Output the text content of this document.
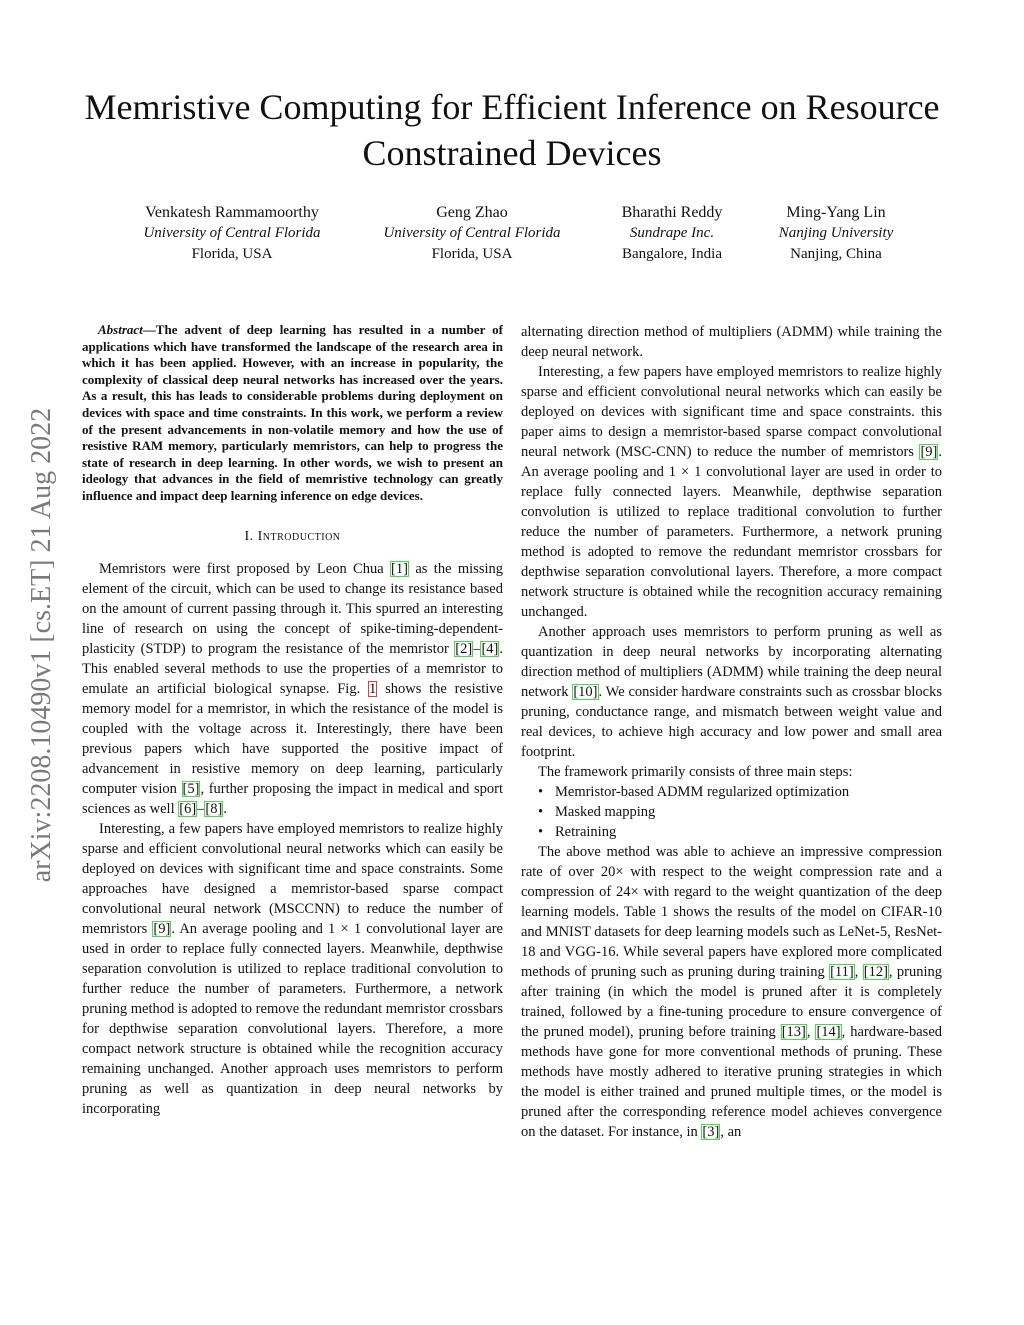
Memristive Computing for Efficient Inference on Resource Constrained Devices
Venkatesh Rammamoorthy
University of Central Florida
Florida, USA
Geng Zhao
University of Central Florida
Florida, USA
Bharathi Reddy
Sundrape Inc.
Bangalore, India
Ming-Yang Lin
Nanjing University
Nanjing, China
arXiv:2208.10490v1 [cs.ET] 21 Aug 2022

Abstract—The advent of deep learning has resulted in a number of applications which have transformed the landscape of the research area in which it has been applied. However, with an increase in popularity, the complexity of classical deep neural networks has increased over the years. As a result, this has leads to considerable problems during deployment on devices with space and time constraints. In this work, we perform a review of the present advancements in non-volatile memory and how the use of resistive RAM memory, particularly memristors, can help to progress the state of research in deep learning. In other words, we wish to present an ideology that advances in the field of memristive technology can greatly influence and impact deep learning inference on edge devices.

I. Introduction

Memristors were first proposed by Leon Chua [1] as the missing element of the circuit, which can be used to change its resistance based on the amount of current passing through it. This spurred an interesting line of research on using the concept of spike-timing-dependent-plasticity (STDP) to program the resistance of the memristor [2]–[4]. This enabled several methods to use the properties of a memristor to emulate an artificial biological synapse. Fig. 1 shows the resistive memory model for a memristor, in which the resistance of the model is coupled with the voltage across it. Interestingly, there have been previous papers which have supported the positive impact of advancement in resistive memory on deep learning, particularly computer vision [5], further proposing the impact in medical and sport sciences as well [6]–[8].

Interesting, a few papers have employed memristors to realize highly sparse and efficient convolutional neural networks which can easily be deployed on devices with significant time and space constraints. Some approaches have designed a memristor-based sparse compact convolutional neural network (MSCCNN) to reduce the number of memristors [9]. An average pooling and 1 × 1 convolutional layer are used in order to replace fully connected layers. Meanwhile, depthwise separation convolution is utilized to replace traditional convolution to further reduce the number of parameters. Furthermore, a network pruning method is adopted to remove the redundant memristor crossbars for depthwise separation convolutional layers. Therefore, a more compact network structure is obtained while the recognition accuracy remaining unchanged. Another approach uses memristors to perform pruning as well as quantization in deep neural networks by incorporating

alternating direction method of multipliers (ADMM) while training the deep neural network.

Interesting, a few papers have employed memristors to realize highly sparse and efficient convolutional neural networks which can easily be deployed on devices with significant time and space constraints. this paper aims to design a memristor-based sparse compact convolutional neural network (MSC-CNN) to reduce the number of memristors [9]. An average pooling and 1 × 1 convolutional layer are used in order to replace fully connected layers. Meanwhile, depthwise separation convolution is utilized to replace traditional convolution to further reduce the number of parameters. Furthermore, a network pruning method is adopted to remove the redundant memristor crossbars for depthwise separation convolutional layers. Therefore, a more compact network structure is obtained while the recognition accuracy remaining unchanged.

Another approach uses memristors to perform pruning as well as quantization in deep neural networks by incorporating alternating direction method of multipliers (ADMM) while training the deep neural network [10]. We consider hardware constraints such as crossbar blocks pruning, conductance range, and mismatch between weight value and real devices, to achieve high accuracy and low power and small area footprint.

The framework primarily consists of three main steps:

• Memristor-based ADMM regularized optimization
• Masked mapping
• Retraining

The above method was able to achieve an impressive compression rate of over 20× with respect to the weight compression rate and a compression of 24× with regard to the weight quantization of the deep learning models. Table 1 shows the results of the model on CIFAR-10 and MNIST datasets for deep learning models such as LeNet-5, ResNet-18 and VGG-16. While several papers have explored more complicated methods of pruning such as pruning during training [11], [12], pruning after training (in which the model is pruned after it is completely trained, followed by a fine-tuning procedure to ensure convergence of the pruned model), pruning before training [13], [14], hardware-based methods have gone for more conventional methods of pruning. These methods have mostly adhered to iterative pruning strategies in which the model is either trained and pruned multiple times, or the model is pruned after the corresponding reference model achieves convergence on the dataset. For instance, in [3], an
